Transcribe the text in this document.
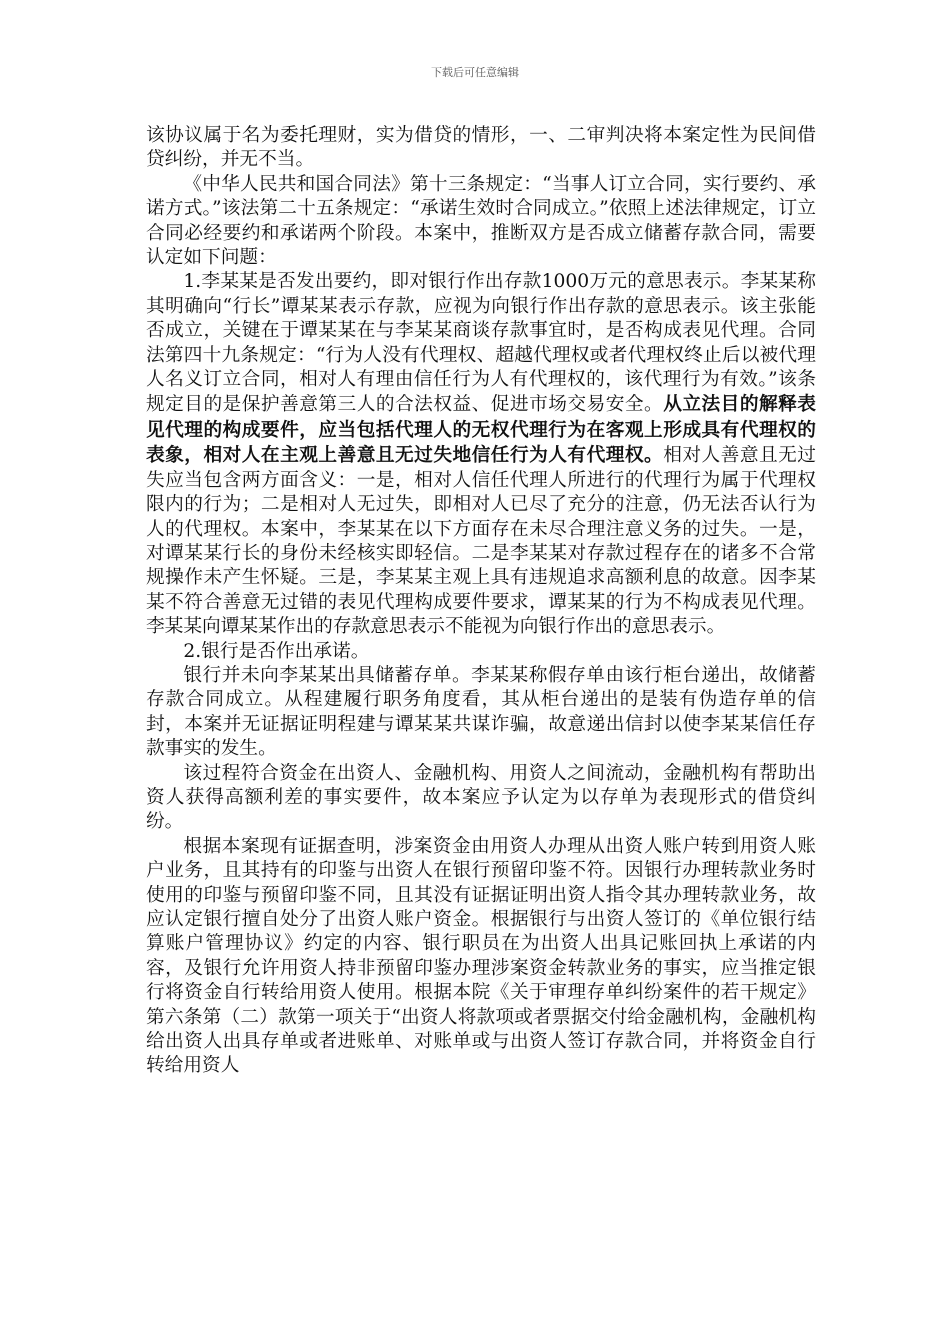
下载后可任意编辑

该协议属于名为委托理财，实为借贷的情形，一、二审判决将本案定性为民间借贷纠纷，并无不当。

《中华人民共和国合同法》第十三条规定：“当事人订立合同，实行要约、承诺方式。”该法第二十五条规定：“承诺生效时合同成立。”依照上述法律规定，订立合同必经要约和承诺两个阶段。本案中，推断双方是否成立储蓄存款合同，需要认定如下问题：

1.李某某是否发出要约，即对银行作出存款1000万元的意思表示。李某某称其明确向“行长”谭某某表示存款，应视为向银行作出存款的意思表示。该主张能否成立，关键在于谭某某在与李某某商谈存款事宜时，是否构成表见代理。合同法第四十九条规定：“行为人没有代理权、超越代理权或者代理权终止后以被代理人名义订立合同，相对人有理由信任行为人有代理权的，该代理行为有效。”该条规定目的是保护善意第三人的合法权益、促进市场交易安全。从立法目的解释表见代理的构成要件，应当包括代理人的无权代理行为在客观上形成具有代理权的表象，相对人在主观上善意且无过失地信任行为人有代理权。相对人善意且无过失应当包含两方面含义：一是，相对人信任代理人所进行的代理行为属于代理权限内的行为；二是相对人无过失，即相对人已尽了充分的注意，仍无法否认行为人的代理权。本案中，李某某在以下方面存在未尽合理注意义务的过失。一是，对谭某某行长的身份未经核实即轻信。二是李某某对存款过程存在的诸多不合常规操作未产生怀疑。三是，李某某主观上具有违规追求高额利息的故意。因李某某不符合善意无过错的表见代理构成要件要求，谭某某的行为不构成表见代理。李某某向谭某某作出的存款意思表示不能视为向银行作出的意思表示。

2.银行是否作出承诺。

银行并未向李某某出具储蓄存单。李某某称假存单由该行柜台递出，故储蓄存款合同成立。从程建履行职务角度看，其从柜台递出的是装有伪造存单的信封，本案并无证据证明程建与谭某某共谋诈骗，故意递出信封以使李某某信任存款事实的发生。

该过程符合资金在出资人、金融机构、用资人之间流动，金融机构有帮助出资人获得高额利差的事实要件，故本案应予认定为以存单为表现形式的借贷纠纷。

根据本案现有证据查明，涉案资金由用资人办理从出资人账户转到用资人账户业务，且其持有的印鉴与出资人在银行预留印鉴不符。因银行办理转款业务时使用的印鉴与预留印鉴不同，且其没有证据证明出资人指令其办理转款业务，故应认定银行擅自处分了出资人账户资金。根据银行与出资人签订的《单位银行结算账户管理协议》约定的内容、银行职员在为出资人出具记账回执上承诺的内容，及银行允许用资人持非预留印鉴办理涉案资金转款业务的事实，应当推定银行将资金自行转给用资人使用。根据本院《关于审理存单纠纷案件的若干规定》第六条第（二）款第一项关于“出资人将款项或者票据交付给金融机构，金融机构给出资人出具存单或者进账单、对账单或与出资人签订存款合同，并将资金自行转给用资人
